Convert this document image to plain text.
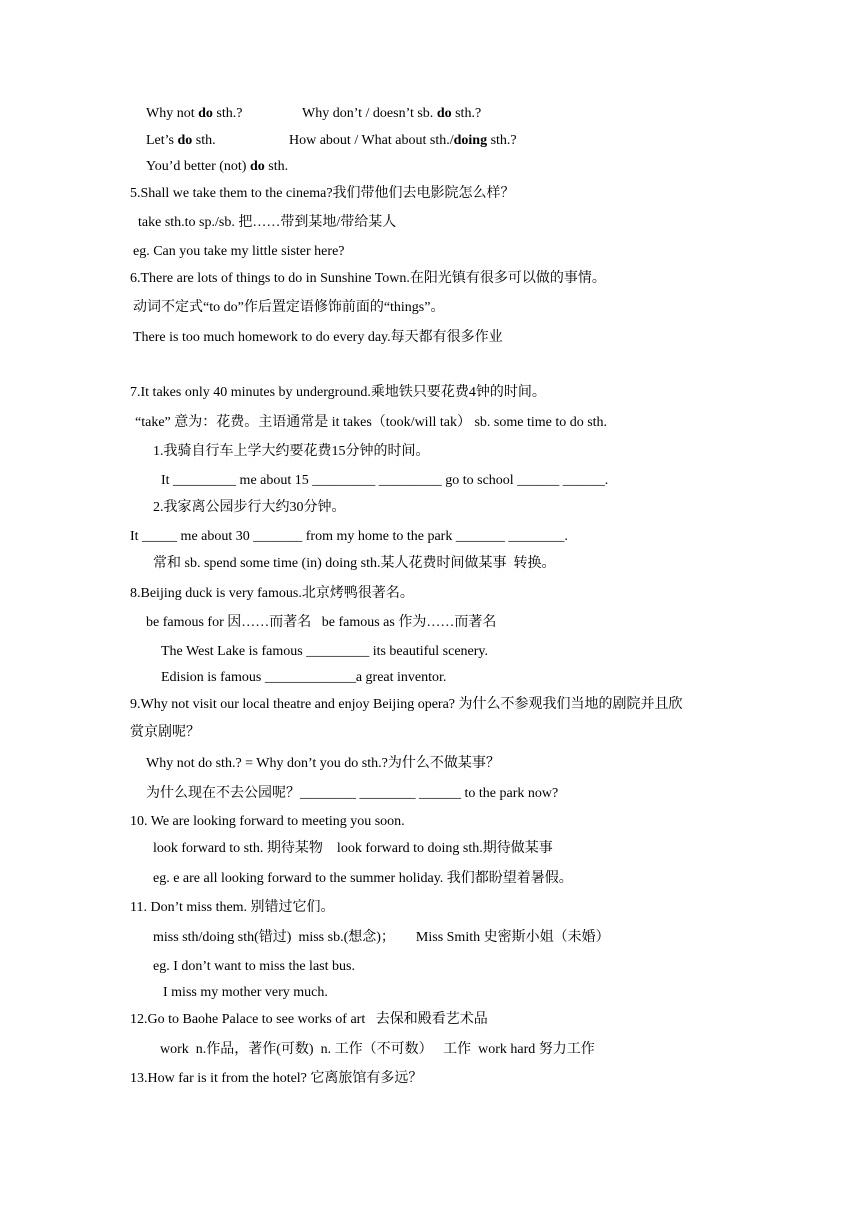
Why not do sth.?	Why don’t / doesn’t sb. do sth.?
Let’s do sth.	How about / What about sth./doing sth.?
You’d better (not) do sth.
5.Shall we take them to the cinema?我们带他们去电影院怎么样？
take sth.to sp./sb. 把……带到某地/带给某人
eg. Can you take my little sister here?
6.There are lots of things to do in Sunshine Town.在阳光镇有很多可以做的事情。
动词不定式“to do”作后置定语修饰前面的“things”。
There is too much homework to do every day.每天都有很多作业
7.It takes only 40 minutes by underground.乘地铁只要花费4钟的时间。
“take” 意为：花费。主语通常是 it takes（took/will tak） sb. some time to do sth.
1.我骑自行车上学大约要花费15分钟的时间。
It _________ me about 15 _________ _________ go to school ______ ______.
2.我家离公园步行大约30分钟。
It _____ me about 30 _______ from my home to the park _______ ________.
常和 sb. spend some time (in) doing sth.某人花费时间做某事  转换。
8.Beijing duck is very famous.北京烤鸭很著名。
be famous for 因……而著名   be famous as 作为……而著名
The West Lake is famous _________ its beautiful scenery.
Edision is famous _____________a great inventor.
9.Why not visit our local theatre and enjoy Beijing opera? 为什么不参观我们当地的剧院并且欣
赏京剧呢？
Why not do sth.? = Why don’t you do sth.?为什么不做某事？
为什么现在不去公园呢？________ ________ ______ to the park now?
10. We are looking forward to meeting you soon.
look forward to sth. 期待某物    look forward to doing sth.期待做某事
eg. e are all looking forward to the summer holiday. 我们都盼望着暑假。
11. Don’t miss them. 别错过它们。
miss sth/doing sth(错过)  miss sb.(想念)；      Miss Smith 史密斯小姐（未婚）
eg. I don’t want to miss the last bus.
I miss my mother very much.
12.Go to Baohe Palace to see works of art   去保和殿看艺术品
work  n.作品，著作(可数)  n. 工作（不可数）   工作  work hard 努力工作
13.How far is it from the hotel? 它离旅馆有多远？
